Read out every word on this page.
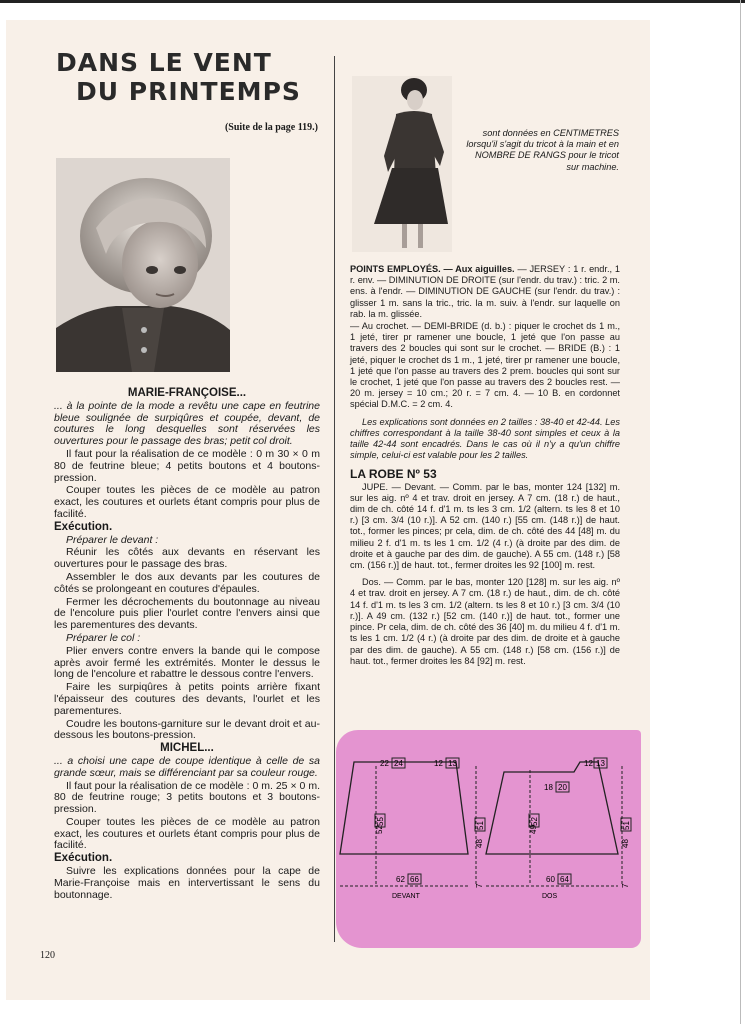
DANS LE VENT
DU PRINTEMPS
(Suite de la page 119.)

MARIE-FRANÇOISE...

... à la pointe de la mode a revêtu une cape en feutrine bleue soulignée de surpiqûres et coupée, devant, de coutures le long desquelles sont réservées les ouvertures pour le passage des bras; petit col droit.

Il faut pour la réalisation de ce modèle : 0 m 30 × 0 m 80 de feutrine bleue; 4 petits boutons et 4 boutons-pression.

Couper toutes les pièces de ce modèle au patron exact, les coutures et ourlets étant compris pour plus de facilité.

Exécution.

Préparer le devant :

Réunir les côtés aux devants en réservant les ouvertures pour le passage des bras.

Assembler le dos aux devants par les coutures de côtés se prolongeant en coutures d'épaules.

Fermer les décrochements du boutonnage au niveau de l'encolure puis plier l'ourlet contre l'envers ainsi que les parementures des devants.

Préparer le col :

Plier envers contre envers la bande qui le compose après avoir fermé les extrémités. Monter le dessus le long de l'encolure et rabattre le dessous contre l'envers.

Faire les surpiqûres à petits points arrière fixant l'épaisseur des coutures des devants, l'ourlet et les parementures.

Coudre les boutons-garniture sur le devant droit et au-dessous les boutons-pression.

MICHEL...

... a choisi une cape de coupe identique à celle de sa grande sœur, mais se différenciant par sa couleur rouge.

Il faut pour la réalisation de ce modèle : 0 m. 25 × 0 m. 80 de feutrine rouge; 3 petits boutons et 3 boutons-pression.

Couper toutes les pièces de ce modèle au patron exact, les coutures et ourlets étant compris pour plus de facilité.

Exécution.

Suivre les explications données pour la cape de Marie-Françoise mais en intervertissant le sens du boutonnage.

sont données en CENTIMETRES lorsqu'il s'agit du tricot à la main et en NOMBRE DE RANGS pour le tricot sur machine.

POINTS EMPLOYÉS. — Aux aiguilles. — JERSEY : 1 r. endr., 1 r. env. — DIMINUTION DE DROITE (sur l'endr. du trav.) : tric. 2 m. ens. à l'endr. — DIMINUTION DE GAUCHE (sur l'endr. du trav.) : glisser 1 m. sans la tric., tric. la m. suiv. à l'endr. sur laquelle on rab. la m. glissée.

— Au crochet. — DEMI-BRIDE (d. b.) : piquer le crochet ds 1 m., 1 jeté, tirer pr ramener une boucle, 1 jeté que l'on passe au travers des 2 boucles qui sont sur le crochet. — BRIDE (B.) : 1 jeté, piquer le crochet ds 1 m., 1 jeté, tirer pr ramener une boucle, 1 jeté que l'on passe au travers des 2 prem. boucles qui sont sur le crochet, 1 jeté que l'on passe au travers des 2 boucles rest. — 20 m. jersey = 10 cm.; 20 r. = 7 cm. 4. — 10 B. en cordonnet spécial D.M.C. = 2 cm. 4.

Les explications sont données en 2 tailles : 38-40 et 42-44. Les chiffres correspondant à la taille 38-40 sont simples et ceux à la taille 42-44 sont encadrés. Dans le cas où il n'y a qu'un chiffre simple, celui-ci est valable pour les 2 tailles.

LA ROBE Nº 53

JUPE. — Devant. — Comm. par le bas, monter 124 [132] m. sur les aig. nº 4 et trav. droit en jersey. A 7 cm. (18 r.) de haut., dim de ch. côté 14 f. d'1 m. ts les 3 cm. 1/2 (altern. ts les 8 et 10 r.) [3 cm. 3/4 (10 r.)]. A 52 cm. (140 r.) [55 cm. (148 r.)] de haut. tot., former les pinces; pr cela, dim. de ch. côté des 44 [48] m. du milieu 2 f. d'1 m. ts les 1 cm. 1/2 (4 r.) (à droite par des dim. de droite et à gauche par des dim. de gauche). A 55 cm. (148 r.) [58 cm. (156 r.)] de haut. tot., fermer droites les 92 [100] m. rest.

Dos. — Comm. par le bas, monter 120 [128] m. sur les aig. nº 4 et trav. droit en jersey. A 7 cm. (18 r.) de haut., dim. de ch. côté 14 f. d'1 m. ts les 3 cm. 1/2 (altern. ts les 8 et 10 r.) [3 cm. 3/4 (10 r.)]. A 49 cm. (132 r.) [52 cm. (140 r.)] de haut. tot., former une pince. Pr cela, dim. de ch. côté des 36 [40] m. du milieu 4 f. d'1 m. ts les 1 cm. 1/2 (4 r.) (à droite par des dim. de droite et à gauche par des dim. de gauche). A 55 cm. (148 r.) [58 cm. (156 r.)] de haut. tot., fermer droites les 84 [92] m. rest.

22 24	12 13
52
55
48
51
62 66
7
DEVANT
12 13
18 20
49
52
48
51
60 64
7
DOS
120
